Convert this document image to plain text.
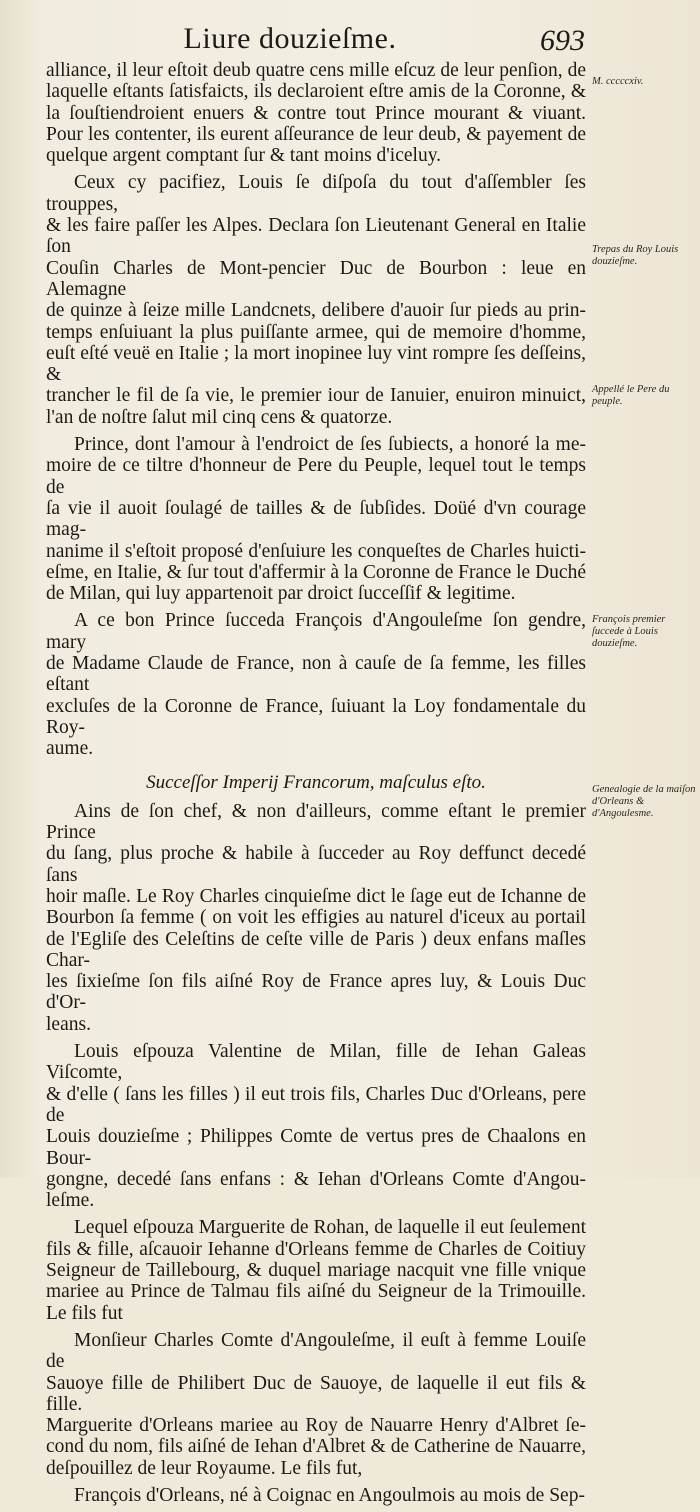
Liure douzieſme.	693
M. cccccxiv.
Trepas du Roy Louis douzieſme.
Appellé le Pere du peuple.
François premier ſuccede à Louis douzieſme.
Genealogie de la maiſon d'Orleans & d'Angoulesme.
alliance, il leur eſtoit deub quatre cens mille eſcuz de leur penſion, de
laquelle eſtants ſatisfaicts, ils declaroient eſtre amis de la Coronne, &
la ſouſtiendroient enuers & contre tout Prince mourant & viuant.
Pour les contenter, ils eurent aſſeurance de leur deub, & payement de
quelque argent comptant ſur & tant moins d'iceluy.
Ceux cy pacifiez, Louis ſe diſpoſa du tout d'aſſembler ſes trouppes,
& les faire paſſer les Alpes. Declara ſon Lieutenant General en Italie ſon
Couſin Charles de Mont-pencier Duc de Bourbon : leue en Alemagne
de quinze à ſeize mille Landcnets, delibere d'auoir ſur pieds au prin-
temps enſuiuant la plus puiſſante armee, qui de memoire d'homme,
euſt eſté veuë en Italie ; la mort inopinee luy vint rompre ſes deſſeins, &
trancher le fil de ſa vie, le premier iour de Ianuier, enuiron minuict,
l'an de noſtre ſalut mil cinq cens & quatorze.
Prince, dont l'amour à l'endroict de ſes ſubiects, a honoré la me-
moire de ce tiltre d'honneur de Pere du Peuple, lequel tout le temps de
ſa vie il auoit ſoulagé de tailles & de ſubſides. Doüé d'vn courage mag-
nanime il s'eſtoit proposé d'enſuiure les conqueſtes de Charles huicti-
eſme, en Italie, & ſur tout d'affermir à la Coronne de France le Duché
de Milan, qui luy appartenoit par droict ſucceſſif & legitime.
A ce bon Prince ſucceda François d'Angouleſme ſon gendre, mary
de Madame Claude de France, non à cauſe de ſa femme, les filles eſtant
excluſes de la Coronne de France, ſuiuant la Loy fondamentale du Roy-
aume.
Succeſſor Imperij Francorum, maſculus eſto.
Ains de ſon chef, & non d'ailleurs, comme eſtant le premier Prince
du ſang, plus proche & habile à ſucceder au Roy deffunct decedé ſans
hoir maſle. Le Roy Charles cinquieſme dict le ſage eut de Ichanne de
Bourbon ſa femme ( on voit les effigies au naturel d'iceux au portail
de l'Egliſe des Celeſtins de ceſte ville de Paris ) deux enfans maſles Char-
les ſixieſme ſon fils aiſné Roy de France apres luy, & Louis Duc d'Or-
leans.
Louis eſpouza Valentine de Milan, fille de Iehan Galeas Viſcomte,
& d'elle ( ſans les filles ) il eut trois fils, Charles Duc d'Orleans, pere de
Louis douzieſme ; Philippes Comte de vertus pres de Chaalons en Bour-
gongne, decedé ſans enfans : & Iehan d'Orleans Comte d'Angou-
leſme.
Lequel eſpouza Marguerite de Rohan, de laquelle il eut ſeulement
fils & fille, aſcauoir Iehanne d'Orleans femme de Charles de Coitiuy
Seigneur de Taillebourg, & duquel mariage nacquit vne fille vnique
mariee au Prince de Talmau fils aiſné du Seigneur de la Trimouille.
Le fils fut
Monſieur Charles Comte d'Angouleſme, il euſt à femme Louiſe de
Sauoye fille de Philibert Duc de Sauoye, de laquelle il eut fils & fille.
Marguerite d'Orleans mariee au Roy de Nauarre Henry d'Albret ſe-
cond du nom, fils aiſné de Iehan d'Albret & de Catherine de Nauarre,
deſpouillez de leur Royaume. Le fils fut,
François d'Orleans, né à Coignac en Angoulmois au mois de Sep-
